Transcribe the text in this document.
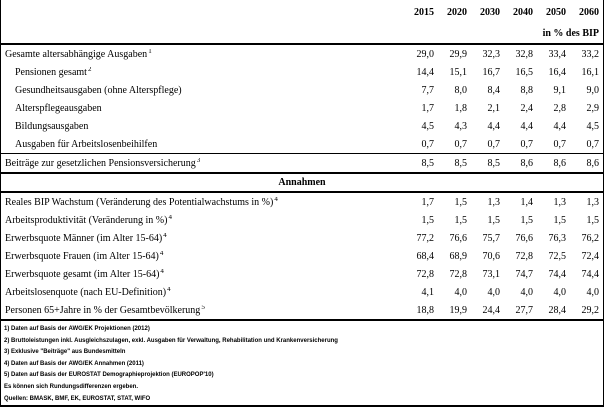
2015	2020	2030	2040	2050	2060
in % des BIP
Gesamte altersabhängige Ausgaben$^1$	29,0	29,9	32,3	32,8	33,4	33,2
Pensionen gesamt$^2$	14,4	15,1	16,7	16,5	16,4	16,1
Gesundheitsausgaben (ohne Alterspflege)	7,7	8,0	8,4	8,8	9,1	9,0
Alterspflegeausgaben	1,7	1,8	2,1	2,4	2,8	2,9
Bildungsausgaben	4,5	4,3	4,4	4,4	4,4	4,5
Ausgaben für Arbeitslosenbeihilfen	0,7	0,7	0,7	0,7	0,7	0,7
Beiträge zur gesetzlichen Pensionsversicherung$^3$	8,5	8,5	8,5	8,6	8,6	8,6
Annahmen
Reales BIP Wachstum (Veränderung des Potentialwachstums in %)$^4$	1,7	1,5	1,3	1,4	1,3	1,3
Arbeitsproduktivität (Veränderung in %)$^4$	1,5	1,5	1,5	1,5	1,5	1,5
Erwerbsquote Männer (im Alter 15-64)$^4$	77,2	76,6	75,7	76,6	76,3	76,2
Erwerbsquote Frauen (im Alter 15-64)$^4$	68,4	68,9	70,6	72,8	72,5	72,4
Erwerbsquote gesamt (im Alter 15-64)$^4$	72,8	72,8	73,1	74,7	74,4	74,4
Arbeitslosenquote (nach EU-Definition)$^4$	4,1	4,0	4,0	4,0	4,0	4,0
Personen 65+Jahre in % der Gesamtbevölkerung$^5$	18,8	19,9	24,4	27,7	28,4	29,2
1) Daten auf Basis der AWG/EK Projektionen (2012)
2) Bruttoleistungen inkl. Ausgleichszulagen, exkl. Ausgaben für Verwaltung, Rehabilitation und Krankenversicherung
3) Exklusive "Beiträge" aus Bundesmitteln
4) Daten auf Basis der AWG/EK Annahmen (2011)
5) Daten auf Basis der EUROSTAT Demographieprojektion (EUROPOP'10)
Es können sich Rundungsdifferenzen ergeben.
Quellen: BMASK, BMF, EK, EUROSTAT, STAT, WIFO
